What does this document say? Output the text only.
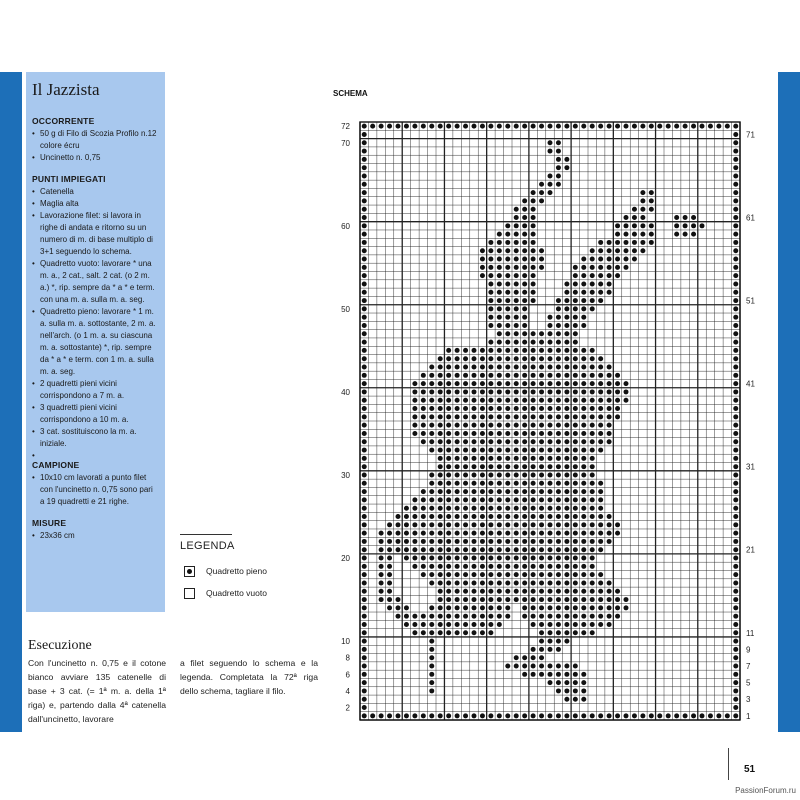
Il Jazzista
OCCORRENTE
• 50 g di Filo di Scozia Profilo n.12 colore écru
• Uncinetto n. 0,75
PUNTI IMPIEGATI
• Catenella
• Maglia alta
• Lavorazione filet: si lavora in righe di andata e ritorno su un numero di m. di base multiplo di 3+1 seguendo lo schema.
• Quadretto vuoto: lavorare * una m. a., 2 cat., salt. 2 cat. (o 2 m. a.) *, rip. sempre da * a * e term. con una m. a. sulla m. a. seg.
• Quadretto pieno: lavorare * 1 m. a. sulla m. a. sottostante, 2 m. a. nell'arch. (o 1 m. a. su ciascuna m. a. sottostante) *, rip. sempre da * a * e term. con 1 m. a. sulla m. a. seg.
• 2 quadretti pieni vicini corrispondono a 7 m. a.
• 3 quadretti pieni vicini corrispondono a 10 m. a.
• 3 cat. sostituiscono la m. a. iniziale.
CAMPIONE
• 10x10 cm lavorati a punto filet con l'uncinetto n. 0,75 sono pari a 19 quadretti e 21 righe.
MISURE
• 23x36 cm
LEGENDA
Quadretto pieno
Quadretto vuoto
Esecuzione
Con l'uncinetto n. 0,75 e il cotone bianco avviare 135 catenelle di base + 3 cat. (= 1ª m. a. della 1ª riga) e, partendo dalla 4ª catenella dall'uncinetto, lavorare
a filet seguendo lo schema e la legenda. Completata la 72ª riga dello schema, tagliare il filo.
SCHEMA
2
4
6
8
10
20
30
40
50
60
70
72
1
3
5
7
9
11
21
31
41
51
61
71
51
PassionForum.ru
